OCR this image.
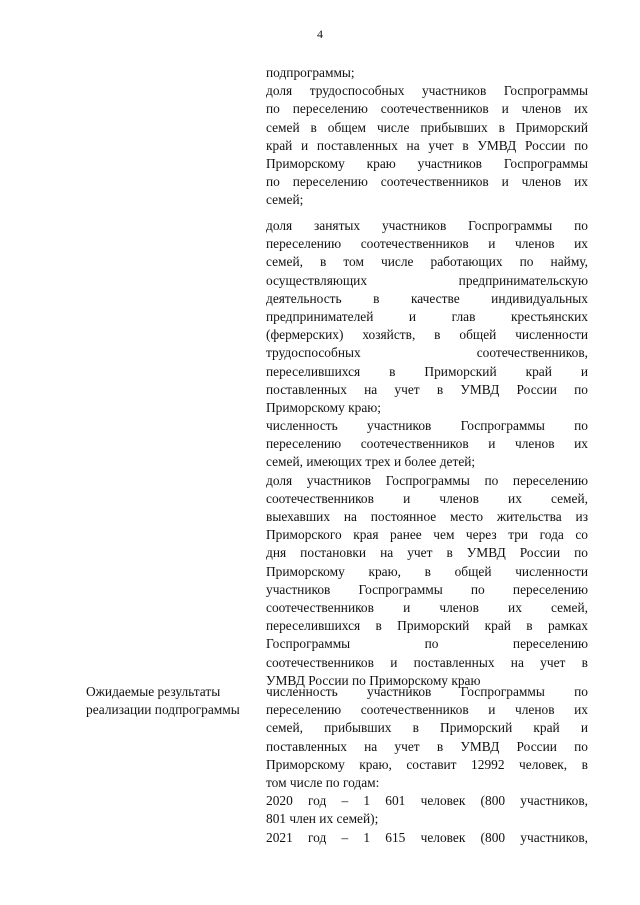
4
подпрограммы;
доля трудоспособных участников Госпрограммы
по переселению соотечественников и членов их
семей в общем числе прибывших в Приморский
край и поставленных на учет в УМВД России по
Приморскому краю участников Госпрограммы
по переселению соотечественников и членов их
семей;
доля занятых участников Госпрограммы по
переселению соотечественников и членов их
семей, в том числе работающих по найму,
осуществляющих предпринимательскую
деятельность в качестве индивидуальных
предпринимателей и глав крестьянских
(фермерских) хозяйств, в общей численности
трудоспособных соотечественников,
переселившихся в Приморский край и
поставленных на учет в УМВД России по
Приморскому краю;
численность участников Госпрограммы по
переселению соотечественников и членов их
семей, имеющих трех и более детей;
доля участников Госпрограммы по переселению
соотечественников и членов их семей,
выехавших на постоянное место жительства из
Приморского края ранее чем через три года со
дня постановки на учет в УМВД России по
Приморскому краю, в общей численности
участников Госпрограммы по переселению
соотечественников и членов их семей,
переселившихся в Приморский край в рамках
Госпрограммы по переселению
соотечественников и поставленных на учет в
УМВД России по Приморскому краю
Ожидаемые результаты
реализации подпрограммы
численность участников Госпрограммы по
переселению соотечественников и членов их
семей, прибывших в Приморский край и
поставленных на учет в УМВД России по
Приморскому краю, составит 12992 человек, в
том числе по годам:
2020 год – 1 601 человек (800 участников,
801 член их семей);
2021 год – 1 615 человек (800 участников,
